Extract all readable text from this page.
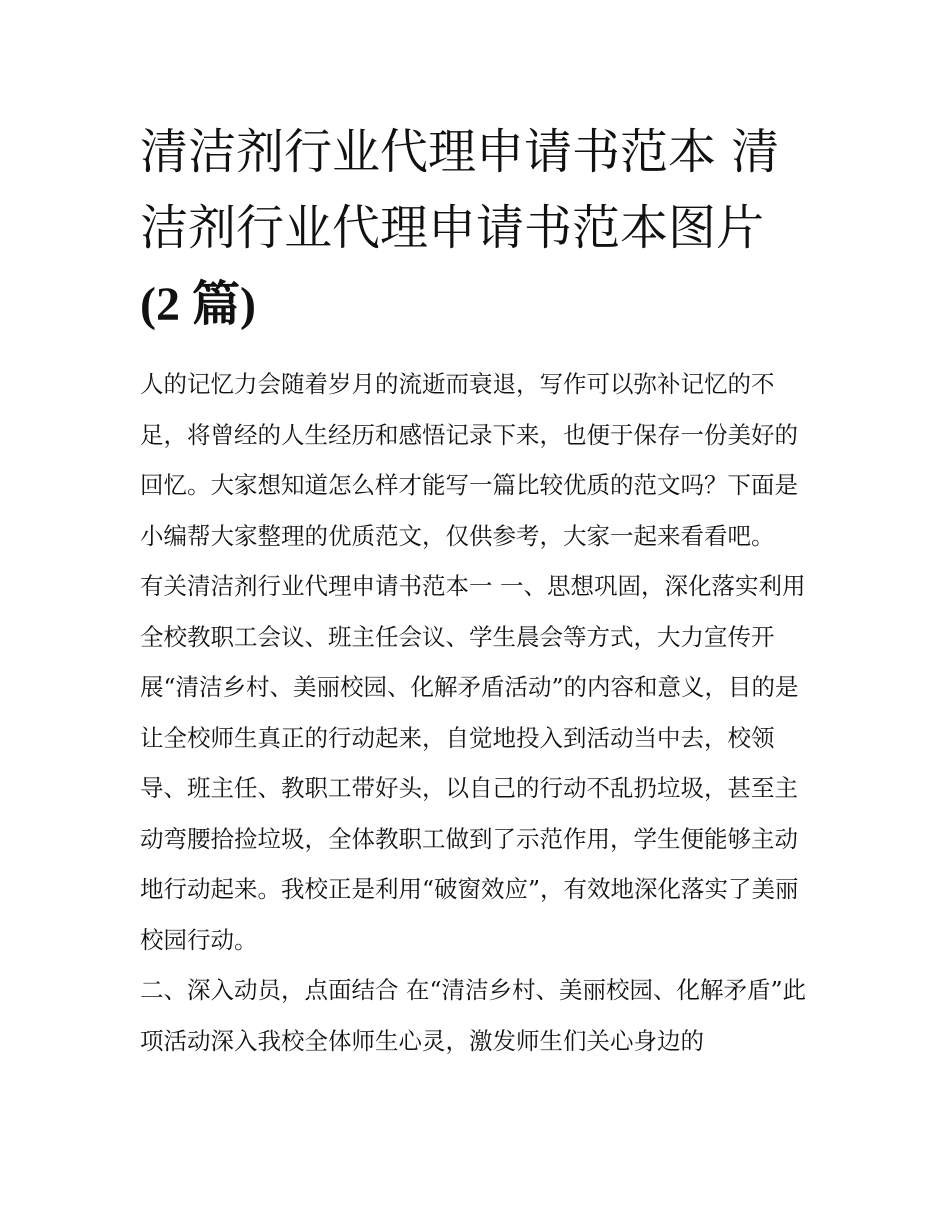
清洁剂行业代理申请书范本 清
洁剂行业代理申请书范本图片
(2 篇)

人的记忆力会随着岁月的流逝而衰退，写作可以弥补记忆的不足，将曾经的人生经历和感悟记录下来，也便于保存一份美好的回忆。大家想知道怎么样才能写一篇比较优质的范文吗？下面是小编帮大家整理的优质范文，仅供参考，大家一起来看看吧。

有关清洁剂行业代理申请书范本一 一、思想巩固，深化落实利用全校教职工会议、班主任会议、学生晨会等方式，大力宣传开展“清洁乡村、美丽校园、化解矛盾活动”的内容和意义，目的是让全校师生真正的行动起来，自觉地投入到活动当中去，校领导、班主任、教职工带好头，以自己的行动不乱扔垃圾，甚至主动弯腰拾捡垃圾，全体教职工做到了示范作用，学生便能够主动地行动起来。我校正是利用“破窗效应”，有效地深化落实了美丽校园行动。

二、深入动员，点面结合 在“清洁乡村、美丽校园、化解矛盾”此项活动深入我校全体师生心灵，激发师生们关心身边的
